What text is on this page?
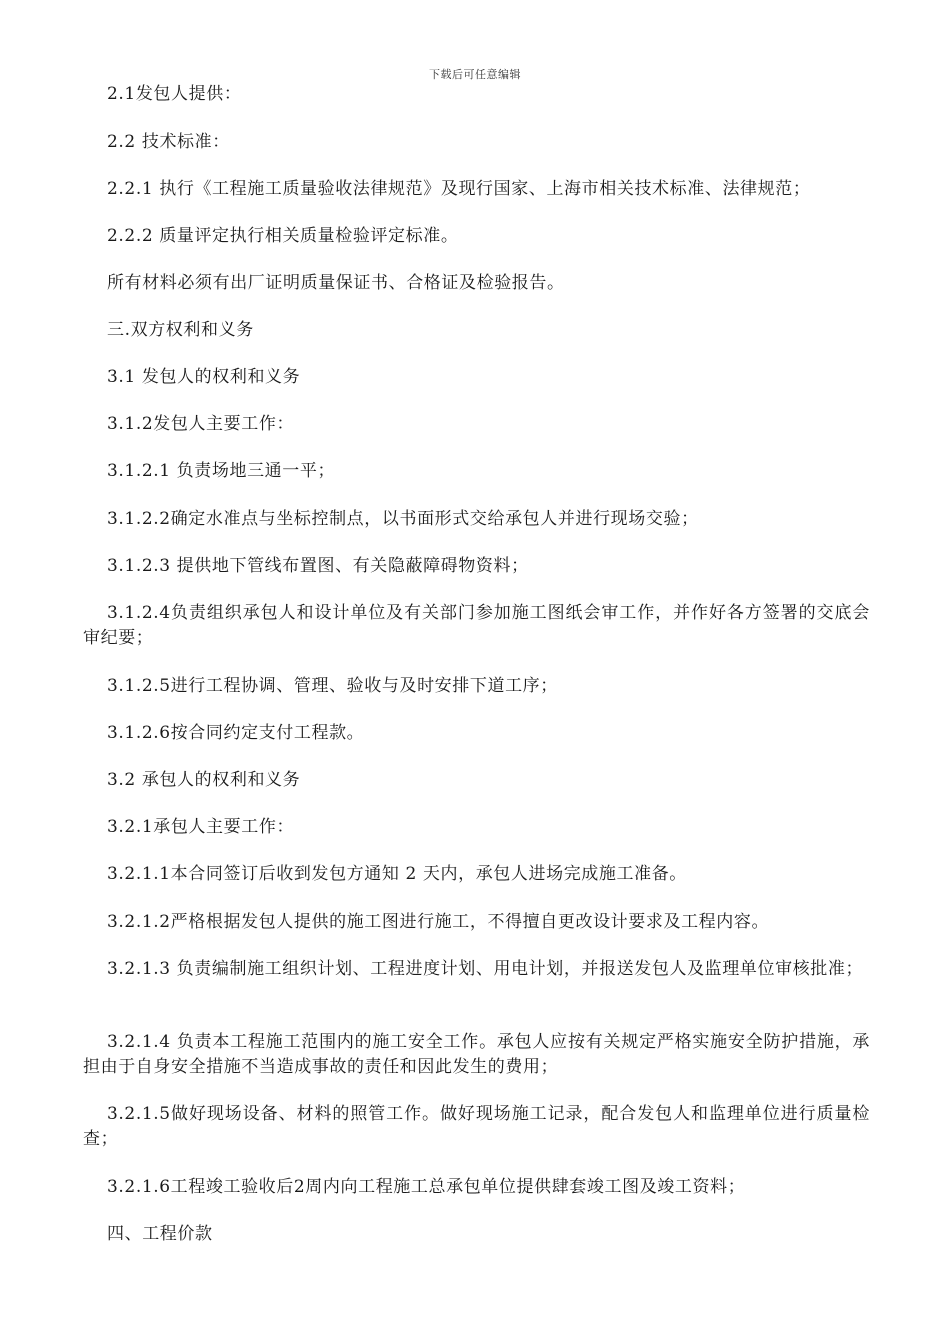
下载后可任意编辑
2.1发包人提供：
2.2 技术标准：
2.2.1 执行《工程施工质量验收法律规范》及现行国家、上海市相关技术标准、法律规范；
2.2.2 质量评定执行相关质量检验评定标准。
所有材料必须有出厂证明质量保证书、合格证及检验报告。
三.双方权利和义务
3.1 发包人的权利和义务
3.1.2发包人主要工作：
3.1.2.1 负责场地三通一平；
3.1.2.2确定水准点与坐标控制点，以书面形式交给承包人并进行现场交验；
3.1.2.3 提供地下管线布置图、有关隐蔽障碍物资料；
3.1.2.4负责组织承包人和设计单位及有关部门参加施工图纸会审工作，并作好各方签署的交底会审纪要；
3.1.2.5进行工程协调、管理、验收与及时安排下道工序；
3.1.2.6按合同约定支付工程款。
3.2 承包人的权利和义务
3.2.1承包人主要工作：
3.2.1.1本合同签订后收到发包方通知 2 天内，承包人进场完成施工准备。
3.2.1.2严格根据发包人提供的施工图进行施工，不得擅自更改设计要求及工程内容。
3.2.1.3 负责编制施工组织计划、工程进度计划、用电计划，并报送发包人及监理单位审核批准；
3.2.1.4 负责本工程施工范围内的施工安全工作。承包人应按有关规定严格实施安全防护措施，承担由于自身安全措施不当造成事故的责任和因此发生的费用；
3.2.1.5做好现场设备、材料的照管工作。做好现场施工记录，配合发包人和监理单位进行质量检查；
3.2.1.6工程竣工验收后2周内向工程施工总承包单位提供肆套竣工图及竣工资料；
四、工程价款
